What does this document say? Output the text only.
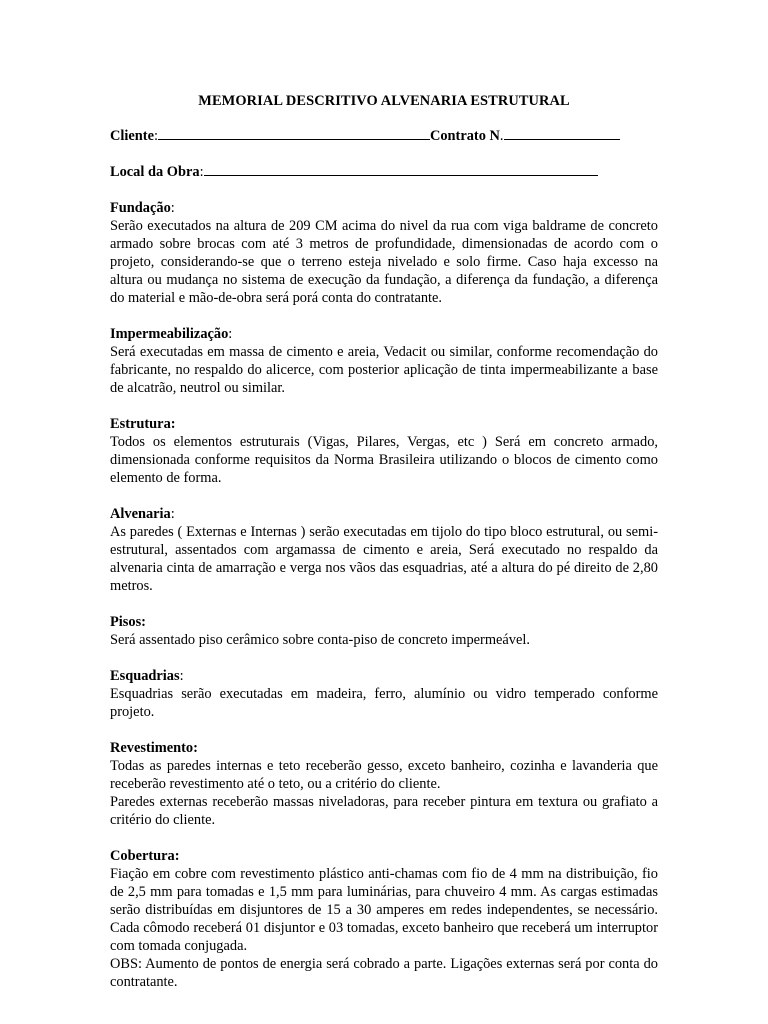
MEMORIAL DESCRITIVO ALVENARIA ESTRUTURAL

Cliente :	Contrato N .
Local da Obra :

Fundação:

Serão executados na altura de 209 CM acima do nivel da rua com viga baldrame de concreto armado sobre brocas com até 3 metros de profundidade, dimensionadas de acordo com o projeto, considerando-se que o terreno esteja nivelado e solo firme. Caso haja excesso na altura ou mudança no sistema de execução da fundação, a diferença da fundação, a diferença do material e mão-de-obra será porá conta do contratante.

Impermeabilização:

Será executadas em massa de cimento e areia, Vedacit ou similar, conforme recomendação do fabricante, no respaldo do alicerce, com posterior aplicação de tinta impermeabilizante a base de alcatrão, neutrol ou similar.

Estrutura:

Todos os elementos estruturais (Vigas, Pilares, Vergas, etc ) Será em concreto armado, dimensionada conforme requisitos da Norma Brasileira utilizando o blocos de cimento como elemento de forma.

Alvenaria:

As paredes ( Externas e Internas ) serão executadas em tijolo do tipo bloco estrutural, ou semi-estrutural, assentados com argamassa de cimento e areia, Será executado no respaldo da alvenaria cinta de amarração e verga nos vãos das esquadrias, até a altura do pé direito de 2,80 metros.

Pisos:

Será assentado piso cerâmico sobre conta-piso de concreto impermeável.

Esquadrias:

Esquadrias serão executadas em madeira, ferro, alumínio ou vidro temperado conforme projeto.

Revestimento:

Todas as paredes internas e teto receberão gesso, exceto banheiro, cozinha e lavanderia que receberão revestimento até o teto, ou a critério do cliente.

Paredes externas receberão massas niveladoras, para receber pintura em textura ou grafiato a critério do cliente.

Cobertura:

Fiação em cobre com revestimento plástico anti-chamas com fio de 4 mm na distribuição, fio de 2,5 mm para tomadas e 1,5 mm para luminárias, para chuveiro 4 mm. As cargas estimadas serão distribuídas em disjuntores de 15 a 30 amperes em redes independentes, se necessário. Cada cômodo receberá 01 disjuntor e 03 tomadas, exceto banheiro que receberá um interruptor com tomada conjugada.

OBS: Aumento de pontos de energia será cobrado a parte. Ligações externas será por conta do contratante.
